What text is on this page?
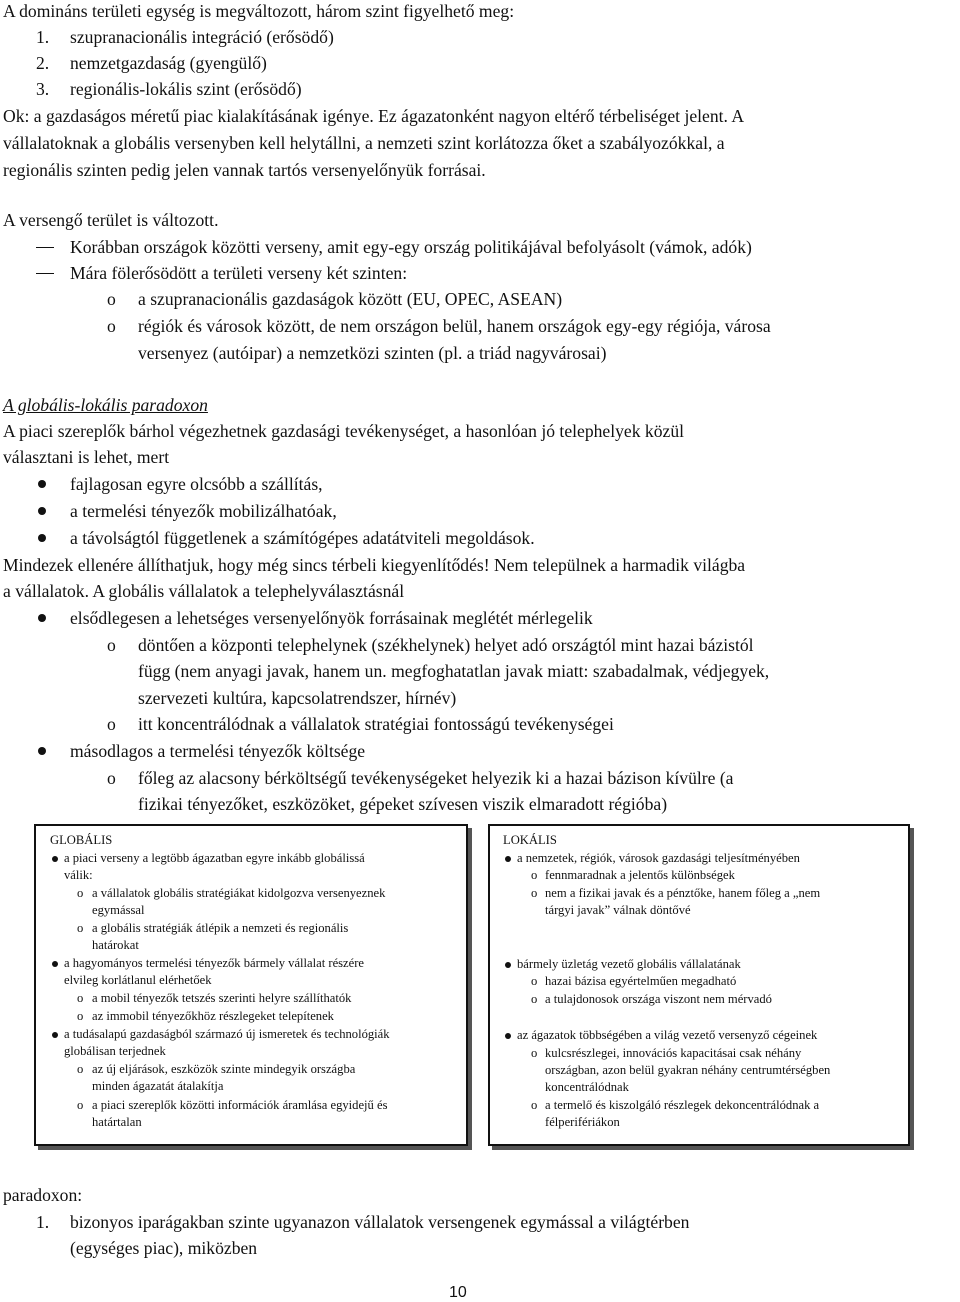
A domináns területi egység is megváltozott, három szint figyelhető meg:
1. szupranacionális integráció (erősödő)
2. nemzetgazdaság (gyengülő)
3. regionális-lokális szint (erősödő)
Ok: a gazdaságos méretű piac kialakításának igénye. Ez ágazatonként nagyon eltérő térbeliséget jelent. A
vállalatoknak a globális versenyben kell helytállni, a nemzeti szint korlátozza őket a szabályozókkal, a
regionális szinten pedig jelen vannak tartós versenyelőnyük forrásai.
A versengő terület is változott.
Korábban országok közötti verseny, amit egy-egy ország politikájával befolyásolt (vámok, adók)
Mára fölerősödött a területi verseny két szinten:
o a szupranacionális gazdaságok között (EU, OPEC, ASEAN)
o régiók és városok között, de nem országon belül, hanem országok egy-egy régiója, városa
versenyez (autóipar) a nemzetközi szinten (pl. a triád nagyvárosai)
A globális-lokális paradoxon
A piaci szereplők bárhol végezhetnek gazdasági tevékenységet, a hasonlóan jó telephelyek közül
választani is lehet, mert
fajlagosan egyre olcsóbb a szállítás,
a termelési tényezők mobilizálhatóak,
a távolságtól függetlenek a számítógépes adatátviteli megoldások.
Mindezek ellenére állíthatjuk, hogy még sincs térbeli kiegyenlítődés! Nem települnek a harmadik világba
a vállalatok. A globális vállalatok a telephelyválasztásnál
elsődlegesen a lehetséges versenyelőnyök forrásainak meglétét mérlegelik
o döntően a központi telephelynek (székhelynek) helyet adó országtól mint hazai bázistól
függ (nem anyagi javak, hanem un. megfoghatatlan javak miatt: szabadalmak, védjegyek,
szervezeti kultúra, kapcsolatrendszer, hírnév)
o itt koncentrálódnak a vállalatok stratégiai fontosságú tevékenységei
másodlagos a termelési tényezők költsége
o főleg az alacsony bérköltségű tevékenységeket helyezik ki a hazai bázison kívülre (a
fizikai tényezőket, eszközöket, gépeket szívesen viszik elmaradott régióba)
GLOBÁLIS
a piaci verseny a legtöbb ágazatban egyre inkább globálissá
válik:
o a vállalatok globális stratégiákat kidolgozva versenyeznek
egymással
o a globális stratégiák átlépik a nemzeti és regionális
határokat
a hagyományos termelési tényezők bármely vállalat részére
elvileg korlátlanul elérhetőek
o a mobil tényezők tetszés szerinti helyre szállíthatók
o az immobil tényezőkhöz részlegeket telepítenek
a tudásalapú gazdaságból származó új ismeretek és technológiák
globálisan terjednek
o az új eljárások, eszközök szinte mindegyik országba
minden ágazatát átalakítja
o a piaci szereplők közötti információk áramlása egyidejű és
határtalan
LOKÁLIS
a nemzetek, régiók, városok gazdasági teljesítményében
o fennmaradnak a jelentős különbségek
o nem a fizikai javak és a pénztőke, hanem főleg a „nem
tárgyi javak” válnak döntővé
bármely üzletág vezető globális vállalatának
o hazai bázisa egyértelműen megadható
o a tulajdonosok országa viszont nem mérvadó
az ágazatok többségében a világ vezető versenyző cégeinek
o kulcsrészlegei, innovációs kapacitásai csak néhány
országban, azon belül gyakran néhány centrumtérségben
koncentrálódnak
o a termelő és kiszolgáló részlegek dekoncentrálódnak a
félperifériákon
paradoxon:
1. bizonyos iparágakban szinte ugyanazon vállalatok versengenek egymással a világtérben
(egységes piac), miközben
10
